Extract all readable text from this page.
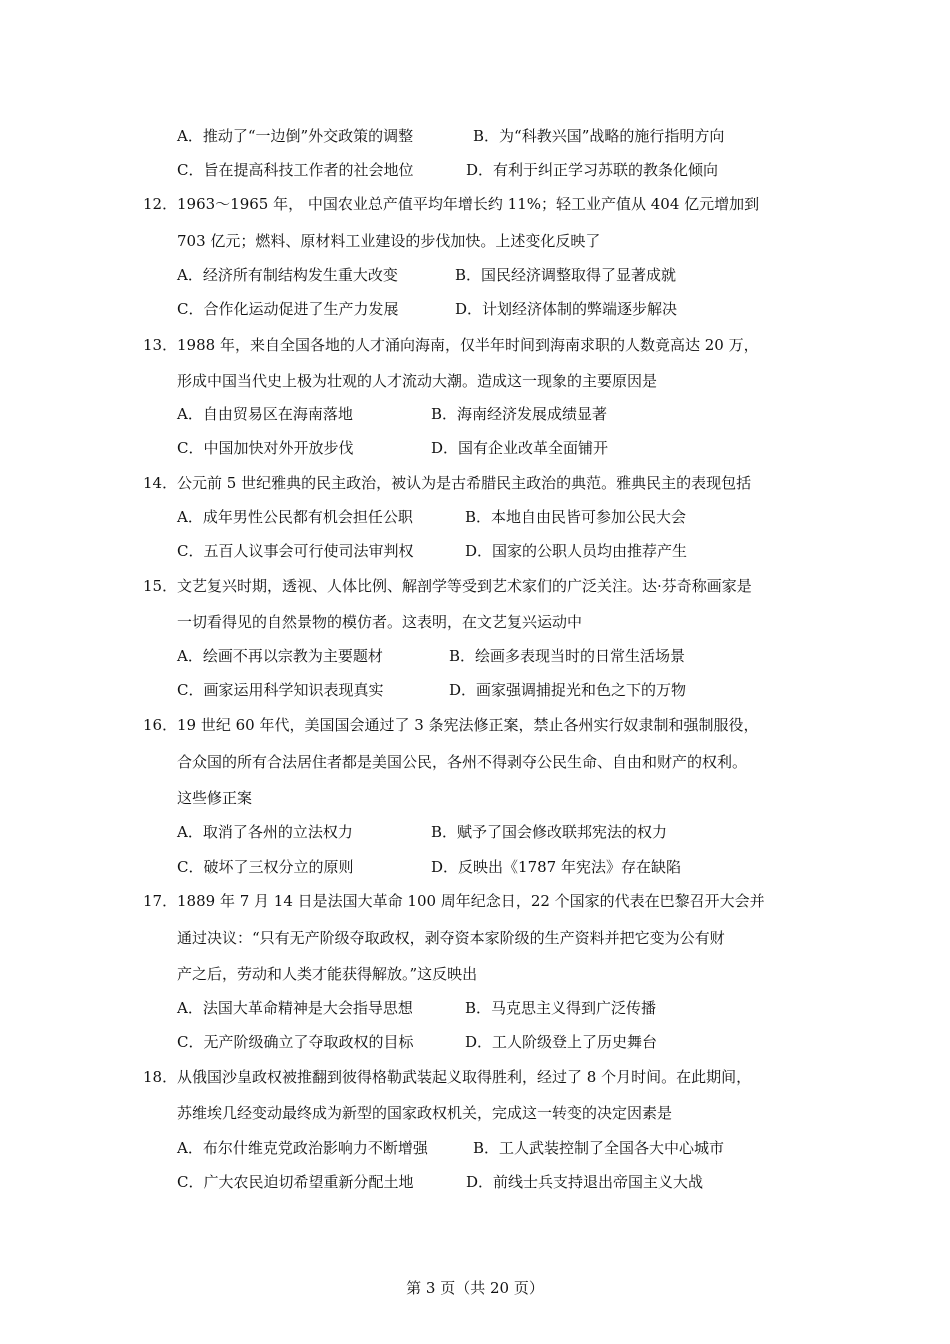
A．推动了“一边倒”外交政策的调整	B．为“科教兴国”战略的施行指明方向
C．旨在提高科技工作者的社会地位	D．有利于纠正学习苏联的教条化倾向
12． 1963～1965 年， 中国农业总产值平均年增长约 11%；轻工业产值从 404 亿元增加到
703 亿元；燃料、原材料工业建设的步伐加快。上述变化反映了
A．经济所有制结构发生重大改变	B．国民经济调整取得了显著成就
C．合作化运动促进了生产力发展	D．计划经济体制的弊端逐步解决
13． 1988 年，来自全国各地的人才涌向海南，仅半年时间到海南求职的人数竟高达 20 万，
形成中国当代史上极为壮观的人才流动大潮。造成这一现象的主要原因是
A．自由贸易区在海南落地	B．海南经济发展成绩显著
C．中国加快对外开放步伐	D．国有企业改革全面铺开
14． 公元前 5 世纪雅典的民主政治，被认为是古希腊民主政治的典范。雅典民主的表现包括
A．成年男性公民都有机会担任公职	B．本地自由民皆可参加公民大会
C．五百人议事会可行使司法审判权	D．国家的公职人员均由推荐产生
15． 文艺复兴时期，透视、人体比例、解剖学等受到艺术家们的广泛关注。达·芬奇称画家是
一切看得见的自然景物的模仿者。这表明，在文艺复兴运动中
A．绘画不再以宗教为主要题材	B．绘画多表现当时的日常生活场景
C．画家运用科学知识表现真实	D．画家强调捕捉光和色之下的万物
16． 19 世纪 60 年代，美国国会通过了 3 条宪法修正案，禁止各州实行奴隶制和强制服役，
合众国的所有合法居住者都是美国公民，各州不得剥夺公民生命、自由和财产的权利。
这些修正案
A．取消了各州的立法权力	B．赋予了国会修改联邦宪法的权力
C．破坏了三权分立的原则	D．反映出《1787 年宪法》存在缺陷
17． 1889 年 7 月 14 日是法国大革命 100 周年纪念日，22 个国家的代表在巴黎召开大会并
通过决议：“只有无产阶级夺取政权，剥夺资本家阶级的生产资料并把它变为公有财
产之后，劳动和人类才能获得解放。”这反映出
A．法国大革命精神是大会指导思想	B．马克思主义得到广泛传播
C．无产阶级确立了夺取政权的目标	D．工人阶级登上了历史舞台
18． 从俄国沙皇政权被推翻到彼得格勒武装起义取得胜利，经过了 8 个月时间。在此期间，
苏维埃几经变动最终成为新型的国家政权机关，完成这一转变的决定因素是
A．布尔什维克党政治影响力不断增强	B．工人武装控制了全国各大中心城市
C．广大农民迫切希望重新分配土地	D．前线士兵支持退出帝国主义大战
第 3 页（共 20 页）
